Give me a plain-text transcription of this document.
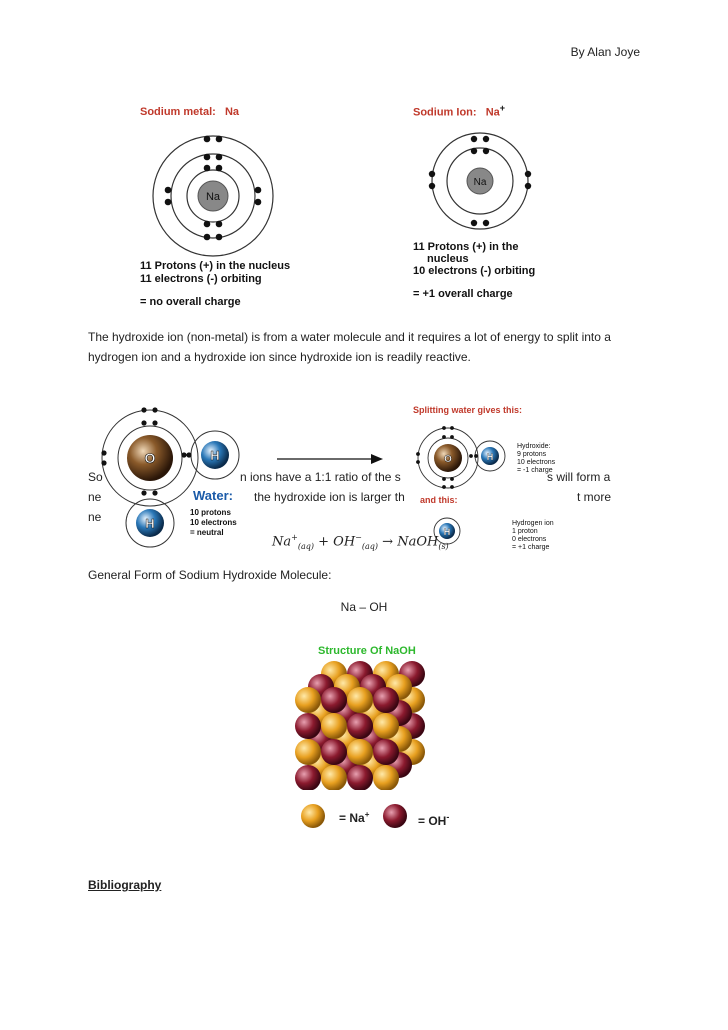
By Alan Joye
Sodium metal: Na
Na
11 Protons (+) in the nucleus
11 electrons (-) orbiting
= no overall charge
Sodium Ion: Na+
Na
11 Protons (+) in the
nucleus
10 electrons (-) orbiting
= +1 overall charge
The hydroxide ion (non-metal) is from a water molecule and it requires a lot of energy to split into a hydrogen ion and a hydroxide ion since hydroxide ion is readily reactive.
So	n ions have a 1:1 ratio of the s	s will form a
ne	the hydroxide ion is larger th	t more
ne
O	H
H
Water:
10 protons
10 electrons
= neutral
Splitting water gives this:
O	H
Hydroxide:
9 protons
10 electrons
= -1 charge
and this:
H
Hydrogen ion
1 proton
0 electrons
= +1 charge
$Na^+_{(aq)} + OH^-_{(aq)}$ → NaOH$_{(s)}$
General Form of Sodium Hydroxide Molecule:
Na – OH
Structure Of NaOH
= Na+	= OH-
Bibliography
